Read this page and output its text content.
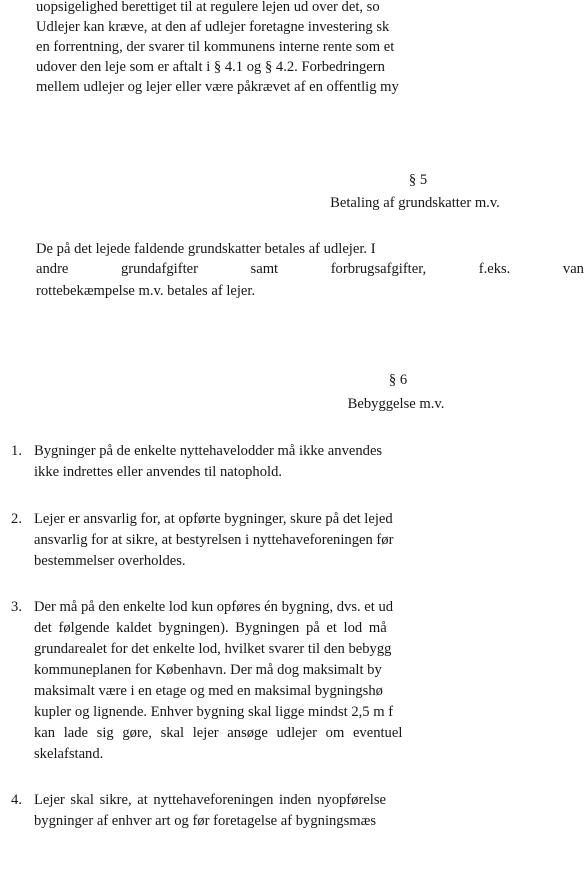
uopsigelighed berettiget til at regulere lejen ud over det, so
Udlejer kan kræve, at den af udlejer foretagne investering sk
en forrentning, der svarer til kommunens interne rente som et
udover den leje som er aftalt i § 4.1 og § 4.2. Forbedringern
mellem udlejer og lejer eller være påkrævet af en offentlig my
§ 5
Betaling af grundskatter m.v.
De på det lejede faldende grundskatter betales af udlejer. I
andre	grundafgifter	samt	forbrugsafgifter,	f.eks.	van
rottebekæmpelse m.v. betales af lejer.
§ 6
Bebyggelse m.v.
1. Bygninger på de enkelte nyttehavelodder må ikke anvendes
ikke indrettes eller anvendes til natophold.
2. Lejer er ansvarlig for, at opførte bygninger, skure på det lejed
ansvarlig for at sikre, at bestyrelsen i nyttehaveforeningen før
bestemmelser overholdes.
3. Der må på den enkelte lod kun opføres én bygning, dvs. et ud
det følgende kaldet bygningen). Bygningen på et lod må
grundarealet for det enkelte lod, hvilket svarer til den bebygg
kommuneplanen for København. Der må dog maksimalt by
maksimalt være i en etage og med en maksimal bygningshø
kupler og lignende. Enhver bygning skal ligge mindst 2,5 m f
kan lade sig gøre, skal lejer ansøge udlejer om eventuel
skelafstand.
4. Lejer skal sikre, at nyttehaveforeningen inden nyopførelse
bygninger af enhver art og før foretagelse af bygningsmæs
